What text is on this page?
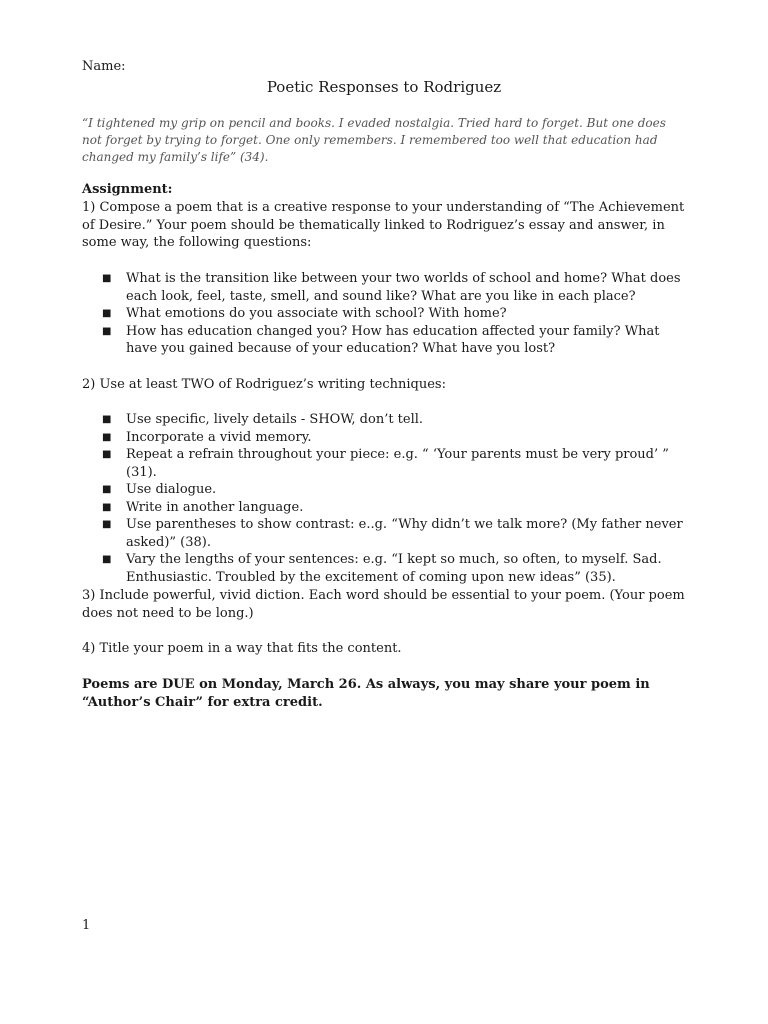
Name:
Poetic Responses to Rodriguez
“I tightened my grip on pencil and books. I evaded nostalgia. Tried hard to forget. But one does not forget by trying to forget. One only remembers. I remembered too well that education had changed my family’s life” (34).
Assignment:
1) Compose a poem that is a creative response to your understanding of “The Achievement of Desire.” Your poem should be thematically linked to Rodriguez’s essay and answer, in some way, the following questions:
■ What is the transition like between your two worlds of school and home? What does each look, feel, taste, smell, and sound like? What are you like in each place?
■ What emotions do you associate with school? With home?
■ How has education changed you? How has education affected your family? What have you gained because of your education? What have you lost?
2) Use at least TWO of Rodriguez’s writing techniques:
■ Use specific, lively details - SHOW, don’t tell.
■ Incorporate a vivid memory.
■ Repeat a refrain throughout your piece: e.g. “ ‘Your parents must be very proud’ ” (31).
■ Use dialogue.
■ Write in another language.
■ Use parentheses to show contrast: e..g. “Why didn’t we talk more? (My father never asked)” (38).
■ Vary the lengths of your sentences: e.g. “I kept so much, so often, to myself. Sad. Enthusiastic. Troubled by the excitement of coming upon new ideas” (35).
3) Include powerful, vivid diction. Each word should be essential to your poem. (Your poem does not need to be long.)
4) Title your poem in a way that fits the content.
Poems are DUE on Monday, March 26. As always, you may share your poem in “Author’s Chair” for extra credit.
1
